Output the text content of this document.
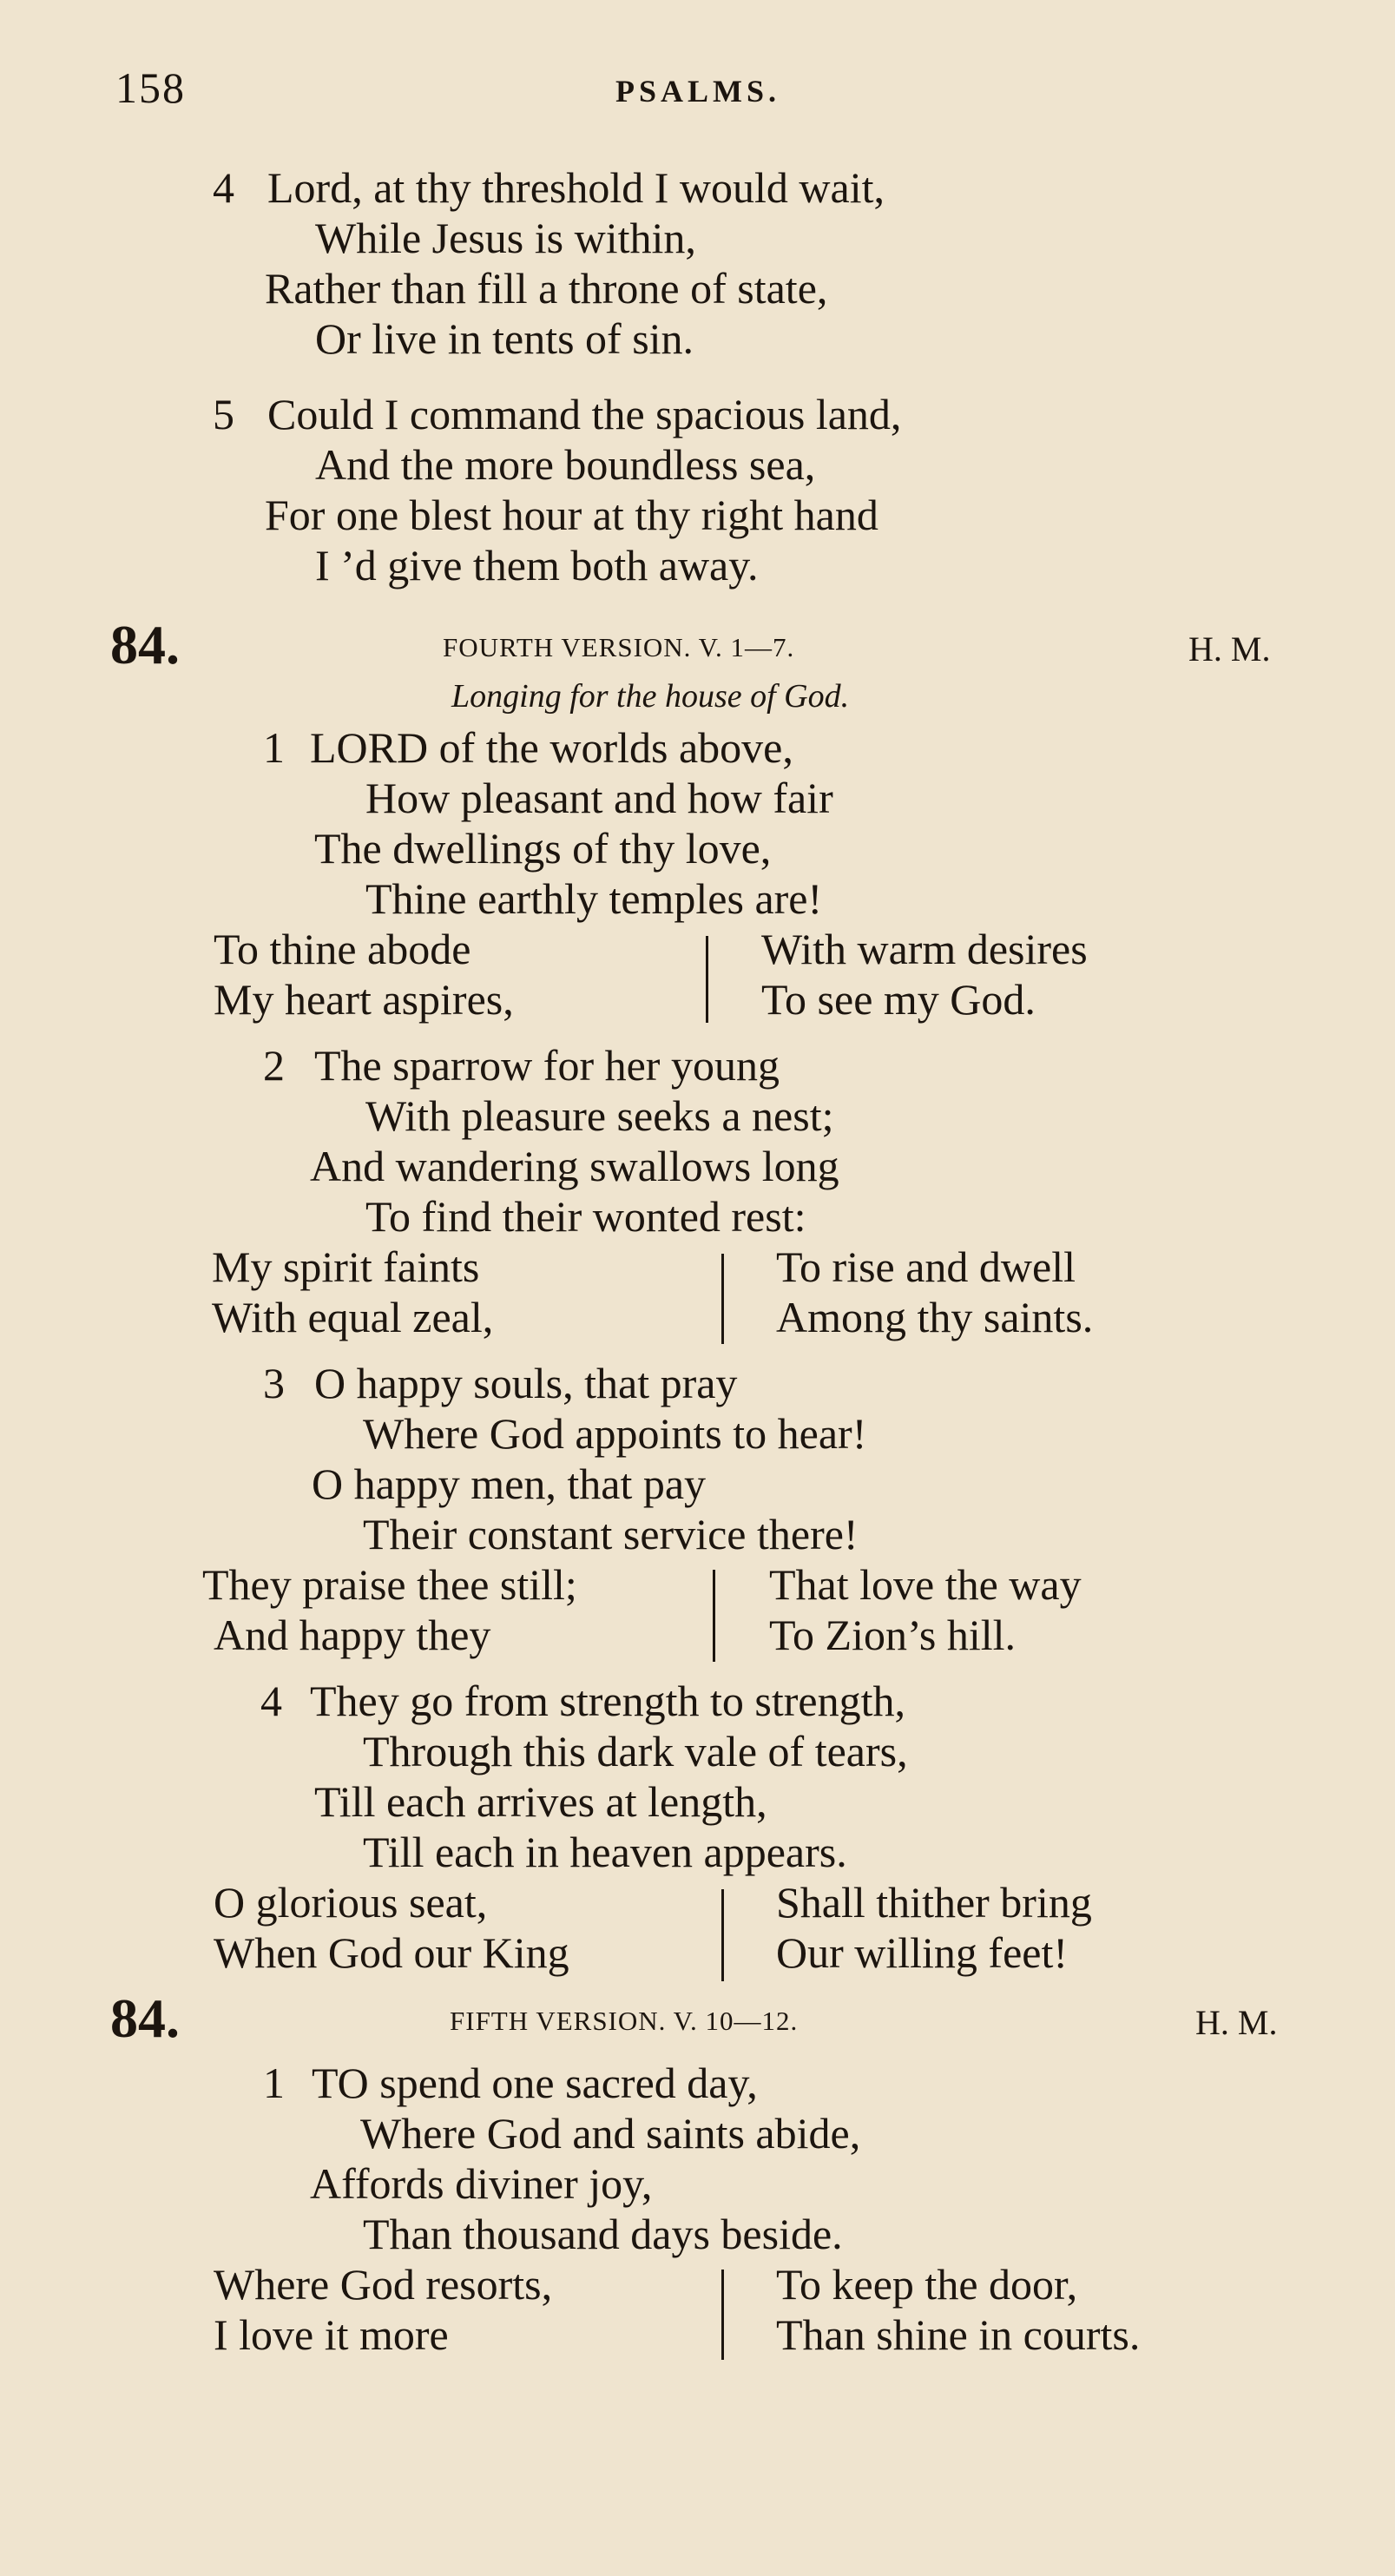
158	PSALMS.
4 Lord, at thy threshold I would wait,
While Jesus is within,
Rather than fill a throne of state,
Or live in tents of sin.
5 Could I command the spacious land,
And the more boundless sea,
For one blest hour at thy right hand
I ’d give them both away.
84.	FOURTH VERSION. V. 1—7.	H. M.
Longing for the house of God.
1 LORD of the worlds above,
How pleasant and how fair
The dwellings of thy love,
Thine earthly temples are!
To thine abode
My heart aspires,
With warm desires
To see my God.
2 The sparrow for her young
With pleasure seeks a nest;
And wandering swallows long
To find their wonted rest:
My spirit faints
With equal zeal,
To rise and dwell
Among thy saints.
3 O happy souls, that pray
Where God appoints to hear!
O happy men, that pay
Their constant service there!
They praise thee still;
And happy they
That love the way
To Zion’s hill.
4 They go from strength to strength,
Through this dark vale of tears,
Till each arrives at length,
Till each in heaven appears.
O glorious seat,
When God our King
Shall thither bring
Our willing feet!
84.	FIFTH VERSION. V. 10—12.	H. M.
1 TO spend one sacred day,
Where God and saints abide,
Affords diviner joy,
Than thousand days beside.
Where God resorts,
I love it more
To keep the door,
Than shine in courts.
